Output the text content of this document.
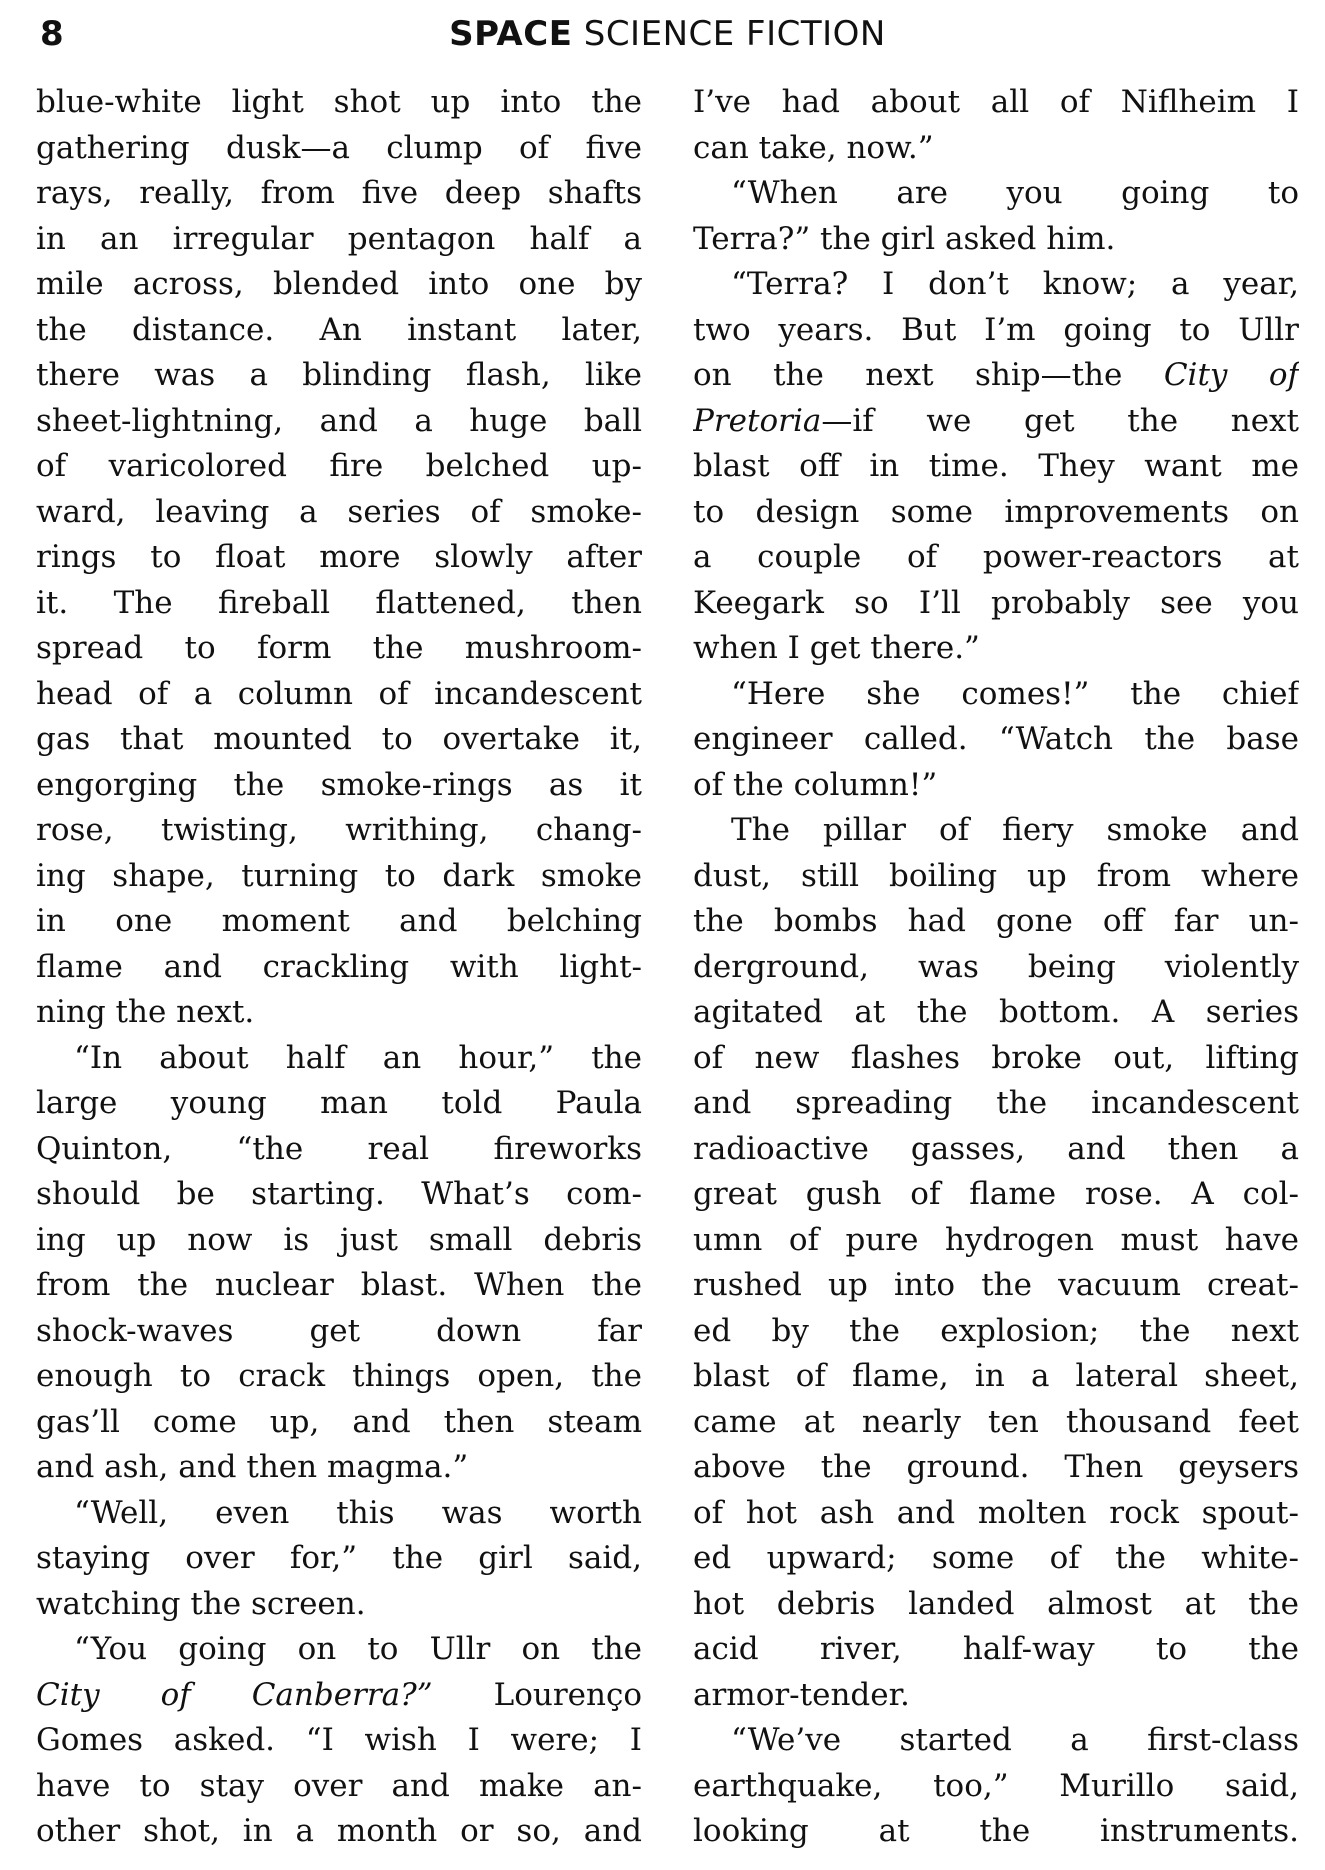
8	SPACE SCIENCE FICTION
blue-white light shot up into the
gathering dusk—a clump of five
rays, really, from five deep shafts
in an irregular pentagon half a
mile across, blended into one by
the distance. An instant later,
there was a blinding flash, like
sheet-lightning, and a huge ball
of varicolored fire belched up-
ward, leaving a series of smoke-
rings to float more slowly after
it. The fireball flattened, then
spread to form the mushroom-
head of a column of incandescent
gas that mounted to overtake it,
engorging the smoke-rings as it
rose, twisting, writhing, chang-
ing shape, turning to dark smoke
in one moment and belching
flame and crackling with light-
ning the next.
“In about half an hour,” the
large young man told Paula
Quinton, “the real fireworks
should be starting. What’s com-
ing up now is just small debris
from the nuclear blast. When the
shock-waves get down far
enough to crack things open, the
gas’ll come up, and then steam
and ash, and then magma.”
“Well, even this was worth
staying over for,” the girl said,
watching the screen.
“You going on to Ullr on the
City of Canberra?” Lourenço
Gomes asked. “I wish I were; I
have to stay over and make an-
other shot, in a month or so, and
I’ve had about all of Niflheim I
can take, now.”
“When are you going to
Terra?” the girl asked him.
“Terra? I don’t know; a year,
two years. But I’m going to Ullr
on the next ship—the City of
Pretoria—if we get the next
blast off in time. They want me
to design some improvements on
a couple of power-reactors at
Keegark so I’ll probably see you
when I get there.”
“Here she comes!” the chief
engineer called. “Watch the base
of the column!”
The pillar of fiery smoke and
dust, still boiling up from where
the bombs had gone off far un-
derground, was being violently
agitated at the bottom. A series
of new flashes broke out, lifting
and spreading the incandescent
radioactive gasses, and then a
great gush of flame rose. A col-
umn of pure hydrogen must have
rushed up into the vacuum creat-
ed by the explosion; the next
blast of flame, in a lateral sheet,
came at nearly ten thousand feet
above the ground. Then geysers
of hot ash and molten rock spout-
ed upward; some of the white-
hot debris landed almost at the
acid river, half-way to the
armor-tender.
“We’ve started a first-class
earthquake, too,” Murillo said,
looking at the instruments.
